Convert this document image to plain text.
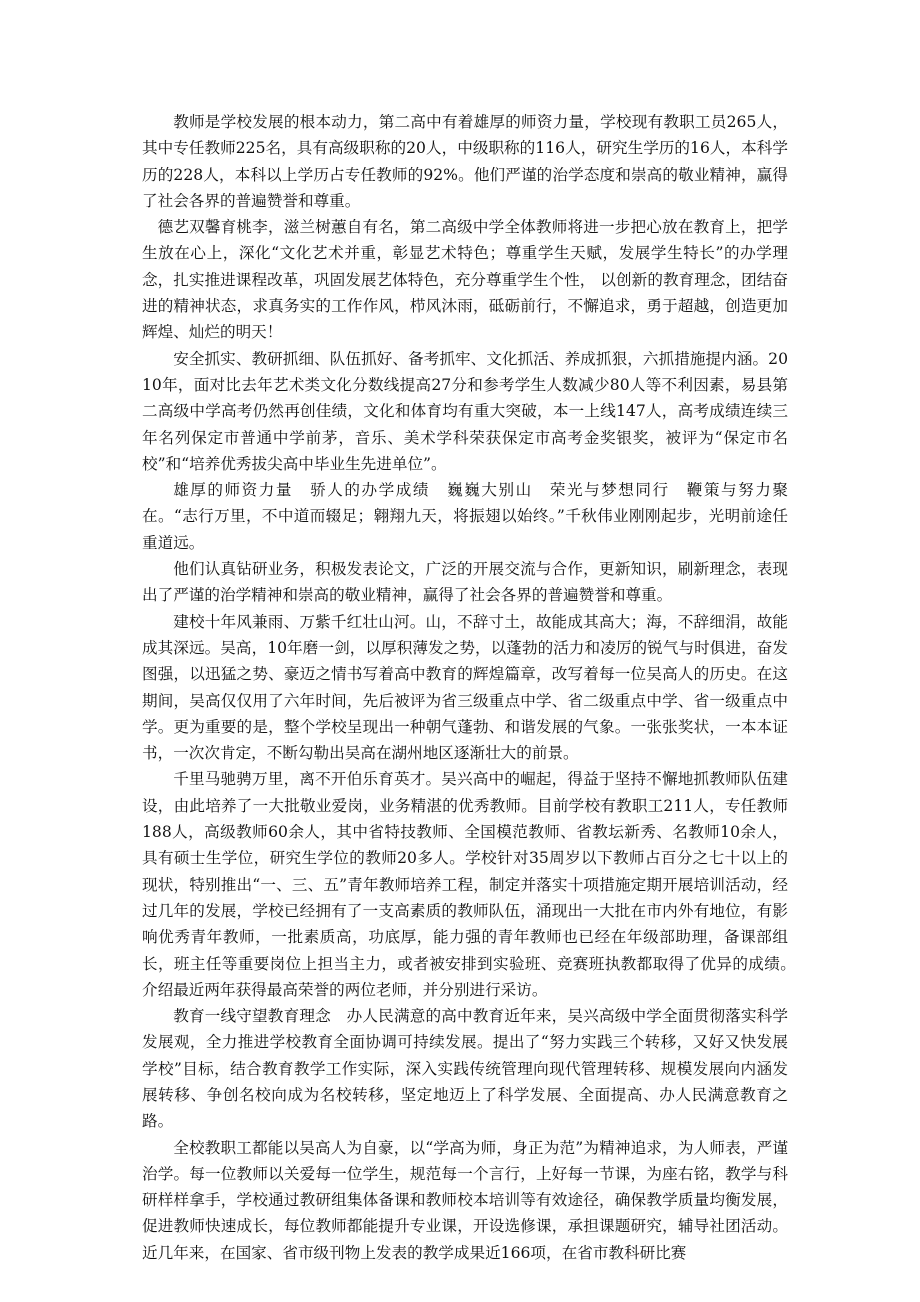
教师是学校发展的根本动力，第二高中有着雄厚的师资力量，学校现有教职工员265人，其中专任教师225名，具有高级职称的20人，中级职称的116人，研究生学历的16人，本科学历的228人，本科以上学历占专任教师的92%。他们严谨的治学态度和崇高的敬业精神，赢得了社会各界的普遍赞誉和尊重。

德艺双馨育桃李，滋兰树蕙自有名，第二高级中学全体教师将进一步把心放在教育上，把学生放在心上，深化“文化艺术并重，彰显艺术特色；尊重学生天赋，发展学生特长”的办学理念，扎实推进课程改革，巩固发展艺体特色，充分尊重学生个性， 以创新的教育理念，团结奋进的精神状态，求真务实的工作作风，栉风沐雨，砥砺前行，不懈追求，勇于超越，创造更加辉煌、灿烂的明天！

安全抓实、教研抓细、队伍抓好、备考抓牢、文化抓活、养成抓狠，六抓措施提内涵。2010年，面对比去年艺术类文化分数线提高27分和参考学生人数减少80人等不利因素，易县第二高级中学高考仍然再创佳绩，文化和体育均有重大突破，本一上线147人，高考成绩连续三年名列保定市普通中学前茅，音乐、美术学科荣获保定市高考金奖银奖，被评为“保定市名校”和“培养优秀拔尖高中毕业生先进单位”。

雄厚的师资力量　骄人的办学成绩　巍巍大别山　荣光与梦想同行　鞭策与努力聚在。“志行万里，不中道而辍足；翱翔九天，将振翅以始终。”千秋伟业刚刚起步，光明前途任重道远。

他们认真钻研业务，积极发表论文，广泛的开展交流与合作，更新知识，刷新理念，表现出了严谨的治学精神和崇高的敬业精神，赢得了社会各界的普遍赞誉和尊重。

建校十年风兼雨、万紫千红壮山河。山，不辞寸土，故能成其高大；海，不辞细涓，故能成其深远。吴高，10年磨一剑，以厚积薄发之势，以蓬勃的活力和凌厉的锐气与时俱进，奋发图强，以迅猛之势、豪迈之情书写着高中教育的辉煌篇章，改写着每一位吴高人的历史。在这期间，吴高仅仅用了六年时间，先后被评为省三级重点中学、省二级重点中学、省一级重点中学。更为重要的是，整个学校呈现出一种朝气蓬勃、和谐发展的气象。一张张奖状，一本本证书，一次次肯定，不断勾勒出吴高在湖州地区逐渐壮大的前景。

千里马驰骋万里，离不开伯乐育英才。吴兴高中的崛起，得益于坚持不懈地抓教师队伍建设，由此培养了一大批敬业爱岗，业务精湛的优秀教师。目前学校有教职工211人，专任教师188人，高级教师60余人，其中省特技教师、全国模范教师、省教坛新秀、名教师10余人，具有硕士生学位，研究生学位的教师20多人。学校针对35周岁以下教师占百分之七十以上的现状，特别推出“一、三、五”青年教师培养工程，制定并落实十项措施定期开展培训活动，经过几年的发展，学校已经拥有了一支高素质的教师队伍，涌现出一大批在市内外有地位，有影响优秀青年教师，一批素质高，功底厚，能力强的青年教师也已经在年级部助理，备课部组长，班主任等重要岗位上担当主力，或者被安排到实验班、竞赛班执教都取得了优异的成绩。　介绍最近两年获得最高荣誉的两位老师，并分别进行采访。

教育一线守望教育理念　办人民满意的高中教育近年来，吴兴高级中学全面贯彻落实科学发展观，全力推进学校教育全面协调可持续发展。提出了“努力实践三个转移，又好又快发展学校”目标，结合教育教学工作实际，深入实践传统管理向现代管理转移、规模发展向内涵发展转移、争创名校向成为名校转移，坚定地迈上了科学发展、全面提高、办人民满意教育之路。

全校教职工都能以吴高人为自豪，以“学高为师，身正为范”为精神追求，为人师表，严谨治学。每一位教师以关爱每一位学生，规范每一个言行，上好每一节课，为座右铭，教学与科研样样拿手，学校通过教研组集体备课和教师校本培训等有效途径，确保教学质量均衡发展，促进教师快速成长，每位教师都能提升专业课，开设选修课，承担课题研究，辅导社团活动。近几年来，在国家、省市级刊物上发表的教学成果近166项，在省市教科研比赛
